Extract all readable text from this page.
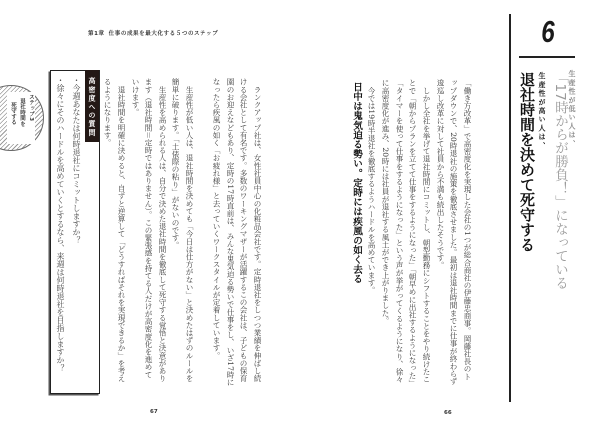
第1章 仕事の成果を最大化する５つのステップ
ステップ3
退社時間を
死守する	高密度への質問
・今週あなたは何時退社にコミットしますか？
・徐々にそのハードルを高めていくとするなら、来週は何時退社を目指しますか？	　ランクアップ社は、女性社員中心の化粧品会社です。定時退社をしつつ業績を伸ばし続
ける会社として有名です。多数のワーキングマザーが活躍するこの会社は、子どもの保育
園のお迎えなどもあり、定時の17時直前は、みんな鬼気迫る勢いで仕事をし、いざ17時に
なったら疾風の如く「お疲れ様」と去っていくワークスタイルが定着しています。
　生産性が低い人は、退社時間を決めても「今日は仕方がない」と決めたはずのルールを
簡単に破ります。「土俵際の粘り」がないのです。
　生産性を高められる人は、自分で決めた退社時間を徹底して死守する覚悟と決意があり
ます（退社時間＝定時ではありません）。この緊張感を持てる人だけが高密度化を進めて
いけます。
　退社時間を明確に決めると、自ずと逆算して「どうすればそれを実現できるか」を考え
るようになります。
67
6
生産性が低い人は、
「17時からが勝負！」になっている
生産性が高い人は、
退社時間を決めて死守する
「働き方改革」で高密度化を実現した会社の1つが総合商社の伊藤忠商事。岡藤社長のト
ップダウンで、20時退社の施策を徹底させました。最初は退社時間までに仕事が終わらず
逡巡し改革に対して社員から不満も続出したそうです。
　しかし全社を挙げて退社時間にコミットし、朝型勤務にシフトすることをやり続けたこ
とで「朝からプランを立てて仕事をするようになった」「朝早めに出社するようになった」
「タイマーを使って仕事をするようになった」という声が挙がってくるようになり、徐々
に高密度化が進み、20時には社員が退社する風土ができ上がりました。
　今では19時半退社を徹底するようハードルを高めています。
日中は鬼気迫る勢い。定時には疾風の如く去る
66
